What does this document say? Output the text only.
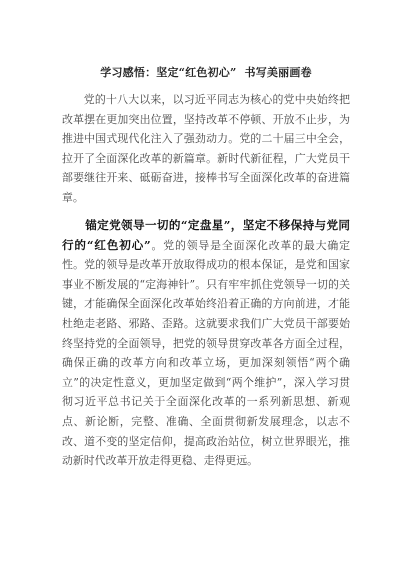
学习感悟：坚定“红色初心” 书写美丽画卷
党的十八大以来，以习近平同志为核心的党中央始终把改革摆在更加突出位置，坚持改革不停顿、开放不止步，为推进中国式现代化注入了强劲动力。党的二十届三中全会，拉开了全面深化改革的新篇章。新时代新征程，广大党员干部要继往开来、砥砺奋进，接棒书写全面深化改革的奋进篇章。
锚定党领导一切的“定盘星”，坚定不移保持与党同行的“红色初心”。党的领导是全面深化改革的最大确定性。党的领导是改革开放取得成功的根本保证，是党和国家事业不断发展的“定海神针”。只有牢牢抓住党领导一切的关键，才能确保全面深化改革始终沿着正确的方向前进，才能杜绝走老路、邪路、歪路。这就要求我们广大党员干部要始终坚持党的全面领导，把党的领导贯穿改革各方面全过程，确保正确的改革方向和改革立场，更加深刻领悟“两个确立”的决定性意义，更加坚定做到“两个维护”，深入学习贯彻习近平总书记关于全面深化改革的一系列新思想、新观点、新论断，完整、准确、全面贯彻新发展理念，以志不改、道不变的坚定信仰，提高政治站位，树立世界眼光，推动新时代改革开放走得更稳、走得更远。
